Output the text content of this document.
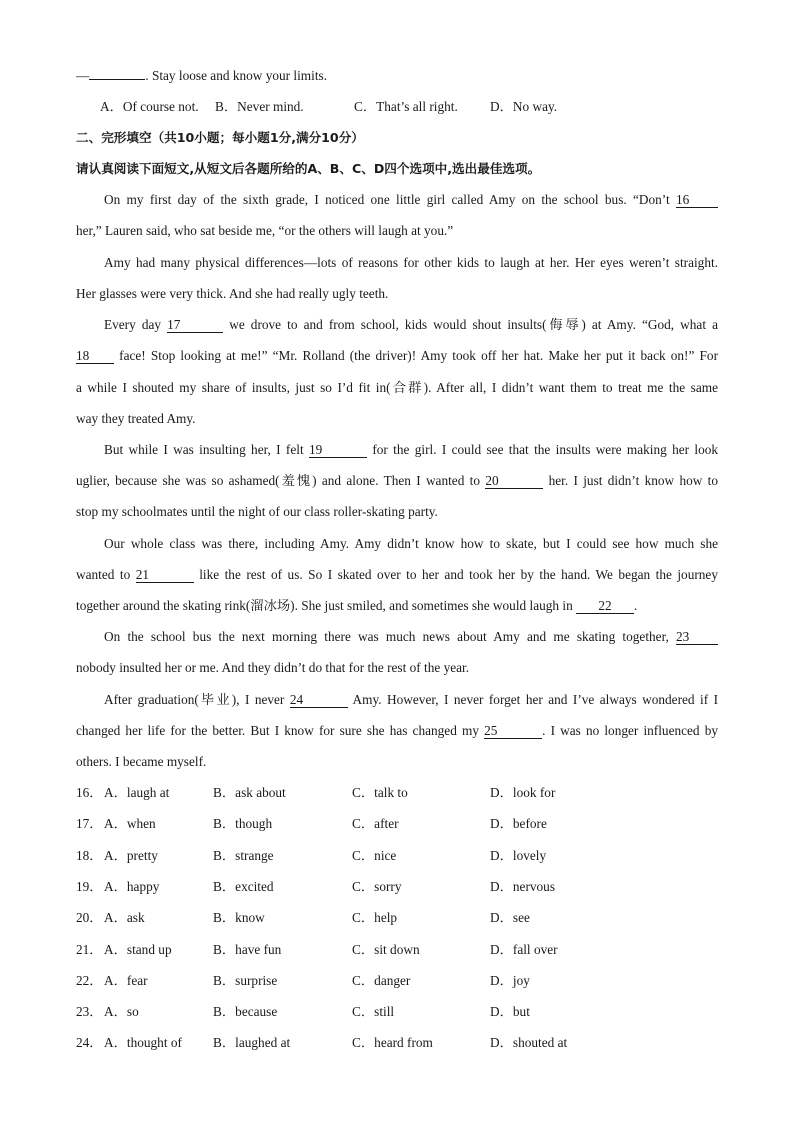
—	. Stay loose and know your limits.
A．Of course not. B．Never mind.	C．That’s all right. D．No way.
二、完形填空（共10小题；每小题1分,满分10分）
请认真阅读下面短文,从短文后各题所给的A、B、C、D四个选项中,选出最佳选项。
On my first day of the sixth grade, I noticed one little girl called Amy on the school bus. “Don’t 16
her,” Lauren said, who sat beside me, “or the others will laugh at you.”
Amy had many physical differences—lots of reasons for other kids to laugh at her. Her eyes weren’t straight.
Her glasses were very thick. And she had really ugly teeth.
Every day 17	we drove to and from school, kids would shout insults(侮辱) at Amy. “God, what a
18 face! Stop looking at me!” “Mr. Rolland (the driver)! Amy took off her hat. Make her put it back on!” For
a while I shouted my share of insults, just so I’d fit in(合群). After all, I didn’t want them to treat me the same
way they treated Amy.
But while I was insulting her, I felt 19	for the girl. I could see that the insults were making her look
uglier, because she was so ashamed(羞愧) and alone. Then I wanted to 20	her. I just didn’t know how to
stop my schoolmates until the night of our class roller-skating party.
Our whole class was there, including Amy. Amy didn’t know how to skate, but I could see how much she
wanted to 21	like the rest of us. So I skated over to her and took her by the hand. We began the journey
together around the skating rink(溜冰场). She just smiled, and sometimes she would laugh in 22 .
On the school bus the next morning there was much news about Amy and me skating together, 23
nobody insulted her or me. And they didn’t do that for the rest of the year.
After graduation(毕业), I never 24	Amy. However, I never forget her and I’ve always wondered if I
changed her life for the better. But I know for sure she has changed my 25	. I was no longer influenced by
others. I became myself.
16． A．laugh at	B．ask about	C．talk to	D．look for
17． A．when	B．though	C．after	D．before
18． A．pretty	B．strange	C．nice	D．lovely
19． A．happy	B．excited	C．sorry	D．nervous
20． A．ask	B．know	C．help	D．see
21． A．stand up	B．have fun	C．sit down	D．fall over
22． A．fear	B．surprise	C．danger	D．joy
23． A．so	B．because	C．still	D．but
24． A．thought of B．laughed at	C．heard from	D．shouted at
